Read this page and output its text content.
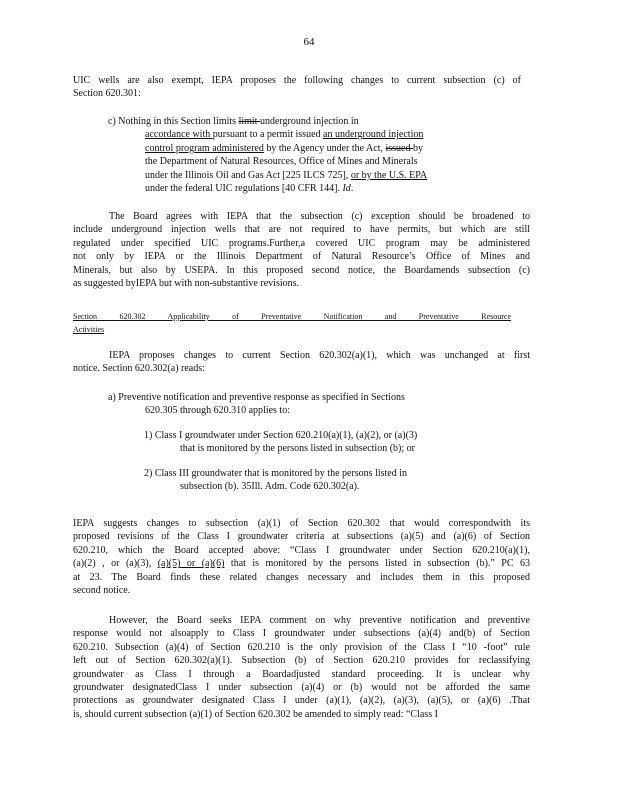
64

UIC wells are also exempt, IEPA proposes the following changes to current subsection (c) of

Section 620.301:

c) Nothing in this Section limits limit underground injection in

accordance with pursuant to a permit issued an underground injection

control program administered by the Agency under the Act, issued by

the Department of Natural Resources, Office of Mines and Minerals

under the Illinois Oil and Gas Act [225 ILCS 725], or by the U.S. EPA

under the federal UIC regulations [40 CFR 144]. Id.

The Board agrees with IEPA that the subsection (c) exception should be broadened to

include underground injection wells that are not required to have permits, but which are still

regulated under specified UIC programs.Further,a covered UIC program may be administered

not only by IEPA or the Illinois Department of Natural Resource’s Office of Mines and

Minerals, but also by USEPA. In this proposed second notice, the Boardamends subsection (c)

as suggested byIEPA but with non-substantive revisions.

Section 620.302 Applicability of Preventative Notification and Preventative Resource

Activities

IEPA proposes changes to current Section 620.302(a)(1), which was unchanged at first

notice. Section 620.302(a) reads:

a) Preventive notification and preventive response as specified in Sections

620.305 through 620.310 applies to:

1) Class I groundwater under Section 620.210(a)(1), (a)(2), or (a)(3)

that is monitored by the persons listed in subsection (b); or

2) Class III groundwater that is monitored by the persons listed in

subsection (b). 35Ill. Adm. Code 620.302(a).

IEPA suggests changes to subsection (a)(1) of Section 620.302 that would correspondwith its

proposed revisions of the Class I groundwater criteria at subsections (a)(5) and (a)(6) of Section

620.210, which the Board accepted above: “Class I groundwater under Section 620.210(a)(1),

(a)(2) , or (a)(3), (a)(5) or (a)(6) that is monitored by the persons listed in subsection (b).” PC 63

at 23. The Board finds these related changes necessary and includes them in this proposed

second notice.

However, the Board seeks IEPA comment on why preventive notification and preventive

response would not alsoapply to Class I groundwater under subsections (a)(4) and(b) of Section

620.210. Subsection (a)(4) of Section 620.210 is the only provision of the Class I “10 -foot” rule

left out of Section 620.302(a)(1). Subsection (b) of Section 620.210 provides for reclassifying

groundwater as Class I through a Boardadjusted standard proceeding. It is unclear why

groundwater designatedClass I under subsection (a)(4) or (b) would not be afforded the same

protections as groundwater designated Class I under (a)(1), (a)(2), (a)(3), (a)(5), or (a)(6) .That

is, should current subsection (a)(1) of Section 620.302 be amended to simply read: “Class I
